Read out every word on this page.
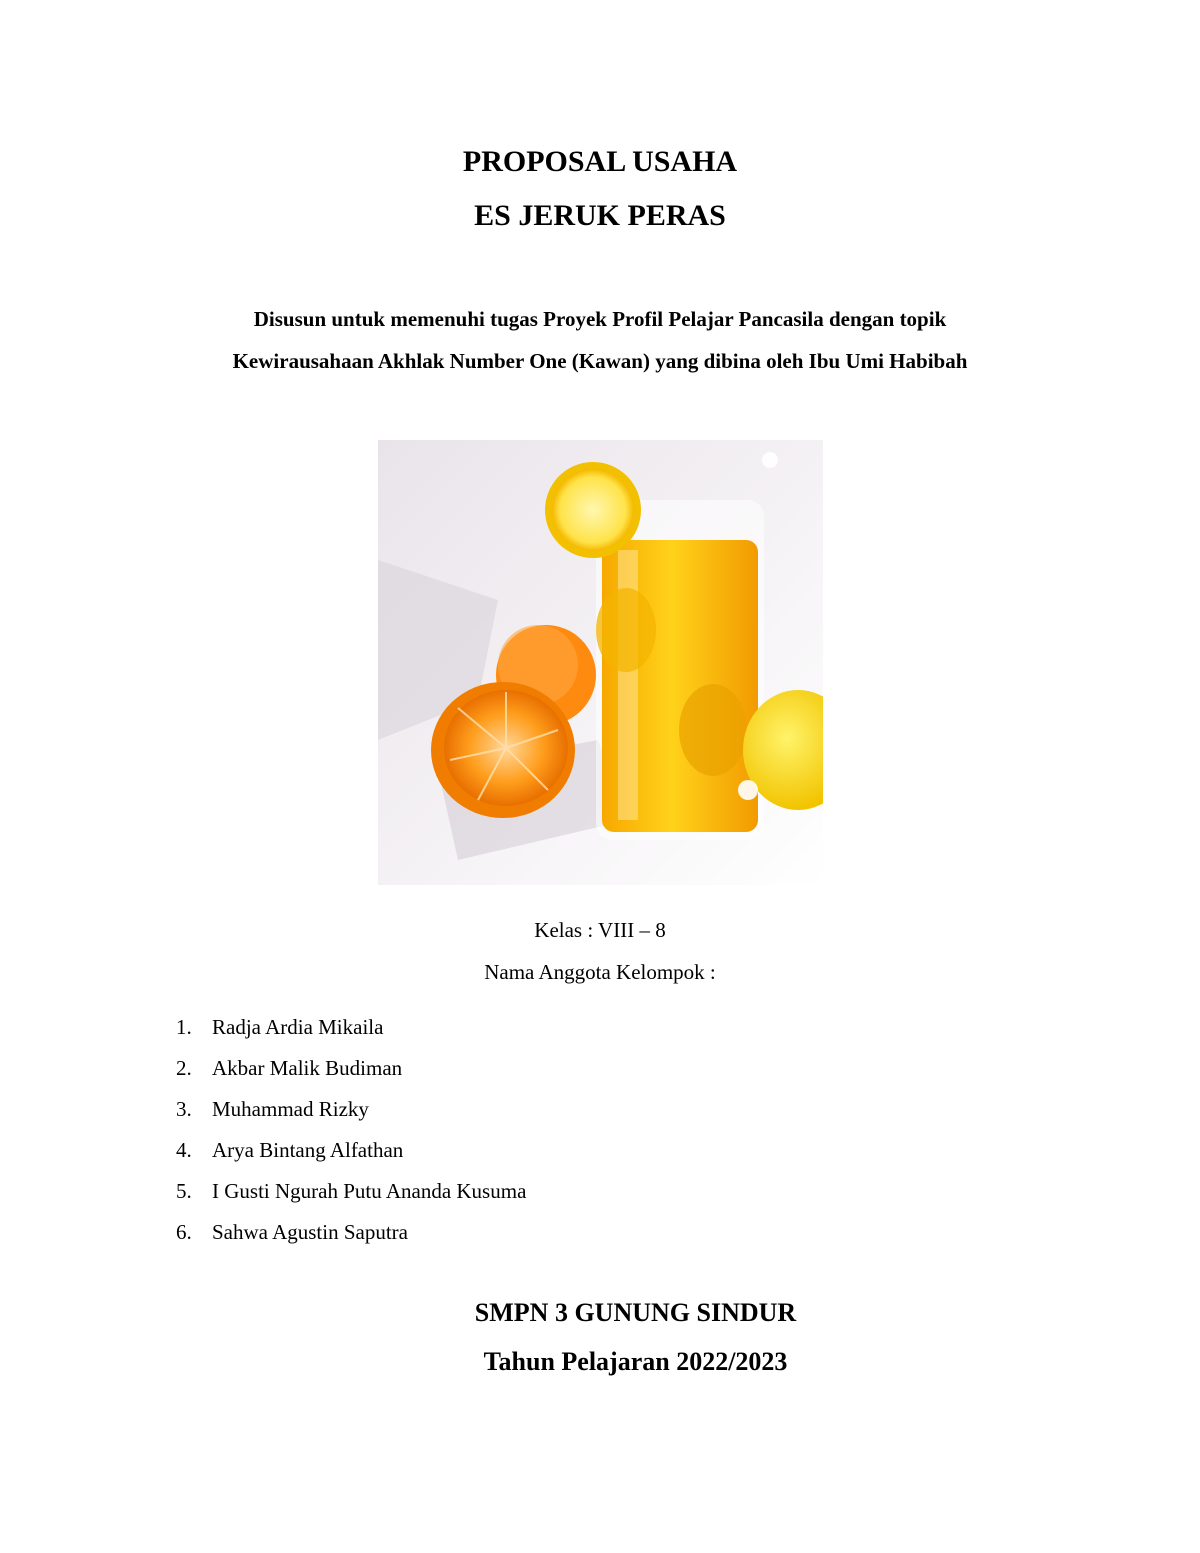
PROPOSAL USAHA
ES JERUK PERAS
Disusun untuk memenuhi tugas Proyek Profil Pelajar Pancasila dengan topik
Kewirausahaan Akhlak Number One (Kawan) yang dibina oleh Ibu Umi Habibah
Kelas : VIII – 8
Nama Anggota Kelompok :
1. Radja Ardia Mikaila
2. Akbar Malik Budiman
3. Muhammad Rizky
4. Arya Bintang Alfathan
5. I Gusti Ngurah Putu Ananda Kusuma
6. Sahwa Agustin Saputra
SMPN 3 GUNUNG SINDUR
Tahun Pelajaran 2022/2023
